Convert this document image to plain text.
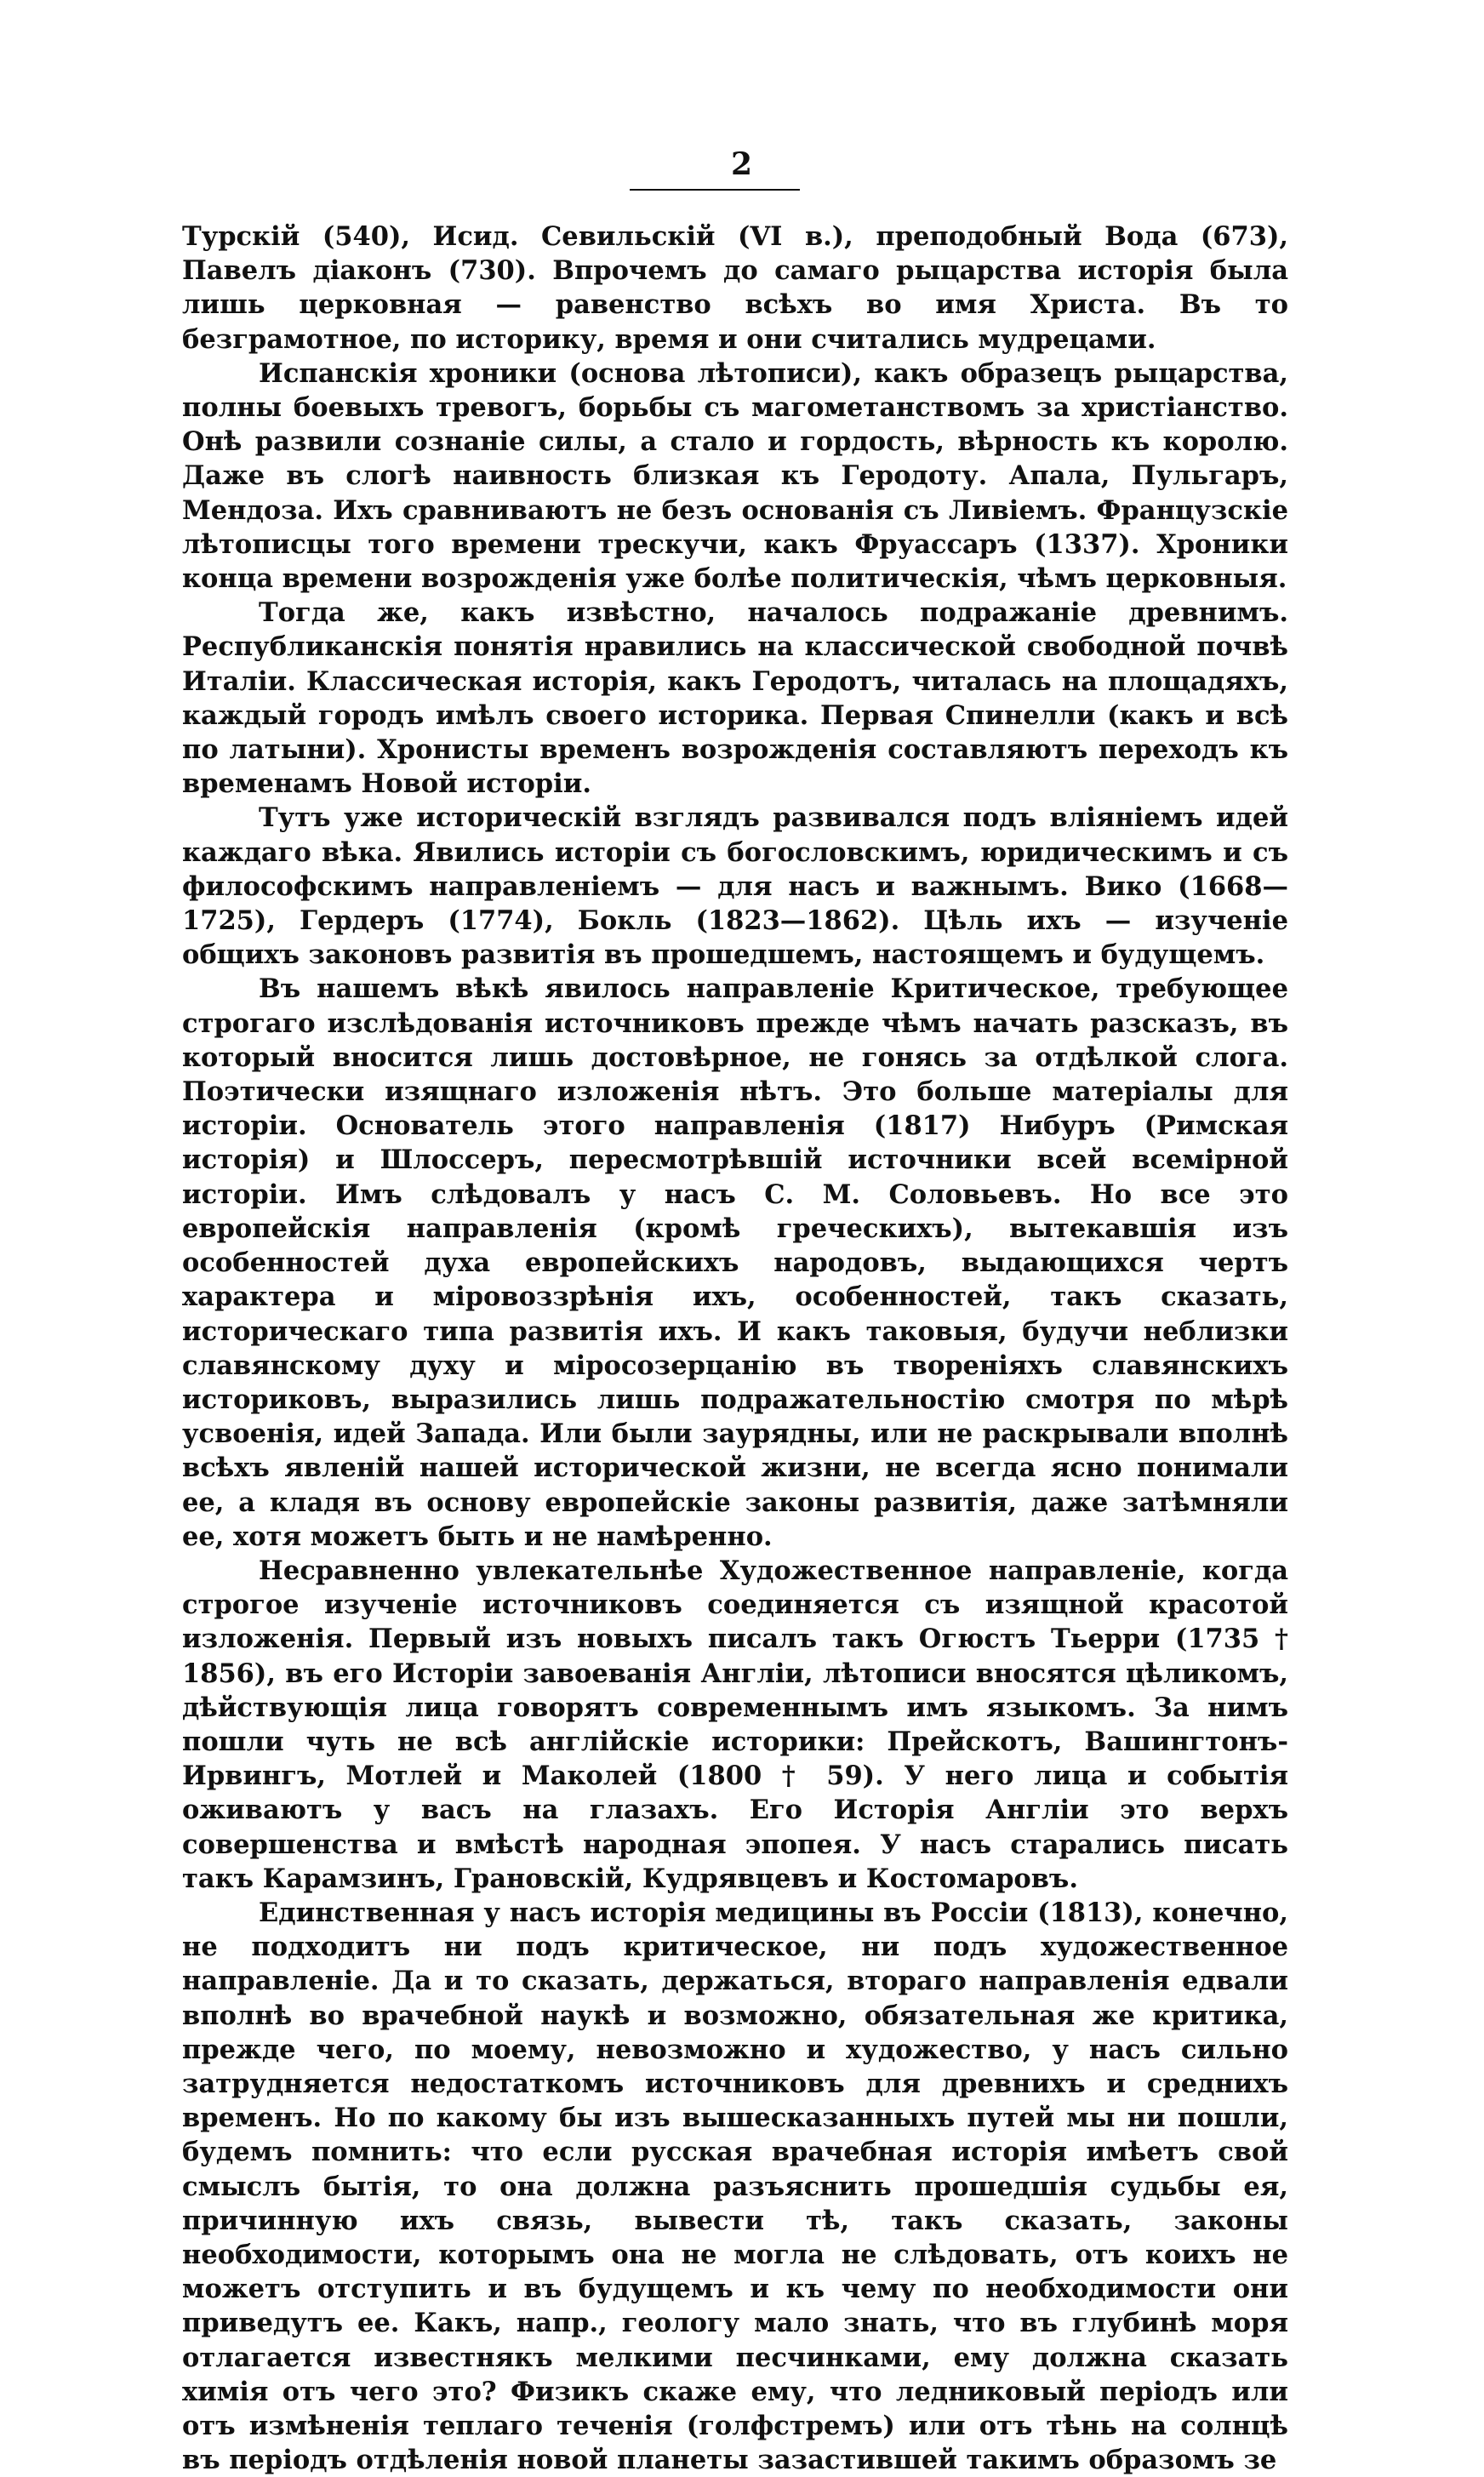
2

Турскій (540), Исид. Севильскій (VI в.), преподобный Вода (673), Павелъ діаконъ (730). Впрочемъ до самаго рыцарства исторія была лишь церковная — равенство всѣхъ во имя Христа. Въ то безграмотное, по историку, время и они считались мудрецами.

Испанскія хроники (основа лѣтописи), какъ образецъ рыцарства, полны боевыхъ тревогъ, борьбы съ магометанствомъ за христіанство. Онѣ развили сознаніе силы, а стало и гордость, вѣрность къ королю. Даже въ слогѣ наивность близкая къ Геродоту. Апала, Пульгаръ, Мендоза. Ихъ сравниваютъ не безъ основанія съ Ливіемъ. Французскіе лѣтописцы того времени трескучи, какъ Фруассаръ (1337). Хроники конца времени возрожденія уже болѣе политическія, чѣмъ церковныя.

Тогда же, какъ извѣстно, началось подражаніе древнимъ. Республиканскія понятія нравились на классической свободной почвѣ Италіи. Классическая исторія, какъ Геродотъ, читалась на площадяхъ, каждый городъ имѣлъ своего историка. Первая Спинелли (какъ и всѣ по латыни). Хронисты временъ возрожденія составляютъ переходъ къ временамъ Новой исторіи.

Тутъ уже историческій взглядъ развивался подъ вліяніемъ идей каждаго вѣка. Явились исторіи съ богословскимъ, юридическимъ и съ философскимъ направленіемъ — для насъ и важнымъ. Вико (1668—1725), Гердеръ (1774), Бокль (1823—1862). Цѣль ихъ — изученіе общихъ законовъ развитія въ прошедшемъ, настоящемъ и будущемъ.

Въ нашемъ вѣкѣ явилось направленіе Критическое, требующее строгаго изслѣдованія источниковъ прежде чѣмъ начать разсказъ, въ который вносится лишь достовѣрное, не гонясь за отдѣлкой слога. Поэтически изящнаго изложенія нѣтъ. Это больше матеріалы для исторіи. Основатель этого направленія (1817) Нибуръ (Римская исторія) и Шлоссеръ, пересмотрѣвшій источники всей всемірной исторіи. Имъ слѣдовалъ у насъ С. М. Соловьевъ. Но все это европейскія направленія (кромѣ греческихъ), вытекавшія изъ особенностей духа европейскихъ народовъ, выдающихся чертъ характера и міровоззрѣнія ихъ, особенностей, такъ сказать, историческаго типа развитія ихъ. И какъ таковыя, будучи неблизки славянскому духу и міросозерцанію въ твореніяхъ славянскихъ историковъ, выразились лишь подражательностію смотря по мѣрѣ усвоенія, идей Запада. Или были заурядны, или не раскрывали вполнѣ всѣхъ явленій нашей исторической жизни, не всегда ясно понимали ее, а кладя въ основу европейскіе законы развитія, даже затѣмняли ее, хотя можетъ быть и не намѣренно.

Несравненно увлекательнѣе Художественное направленіе, когда строгое изученіе источниковъ соединяется съ изящной красотой изложенія. Первый изъ новыхъ писалъ такъ Огюстъ Тьерри (1735 † 1856), въ его Исторіи завоеванія Англіи, лѣтописи вносятся цѣликомъ, дѣйствующія лица говорятъ современнымъ имъ языкомъ. За нимъ пошли чуть не всѣ англійскіе историки: Прейскотъ, Вашингтонъ-Ирвингъ, Мотлей и Маколей (1800 † 59). У него лица и событія оживаютъ у васъ на глазахъ. Его Исторія Англіи это верхъ совершенства и вмѣстѣ народная эпопея. У насъ старались писать такъ Карамзинъ, Грановскій, Кудрявцевъ и Костомаровъ.

Единственная у насъ исторія медицины въ Россіи (1813), конечно, не подходитъ ни подъ критическое, ни подъ художественное направленіе. Да и то сказать, держаться, втораго направленія едвали вполнѣ во врачебной наукѣ и возможно, обязательная же критика, прежде чего, по моему, невозможно и художество, у насъ сильно затрудняется недостаткомъ источниковъ для древнихъ и среднихъ временъ. Но по какому бы изъ вышесказанныхъ путей мы ни пошли, будемъ помнить: что если русская врачебная исторія имѣетъ свой смыслъ бытія, то она должна разъяснить прошедшія судьбы ея, причинную ихъ связь, вывести тѣ, такъ сказать, законы необходимости, которымъ она не могла не слѣдовать, отъ коихъ не можетъ отступить и въ будущемъ и къ чему по необходимости они приведутъ ее. Какъ, напр., геологу мало знать, что въ глубинѣ моря отлагается известнякъ мелкими песчинками, ему должна сказать химія отъ чего это? Физикъ скаже ему, что ледниковый періодъ или отъ измѣненія теплаго теченія (голфстремъ) или отъ тѣнь на солнцѣ въ періодъ отдѣленія новой планеты зазастившей такимъ образомъ зе
